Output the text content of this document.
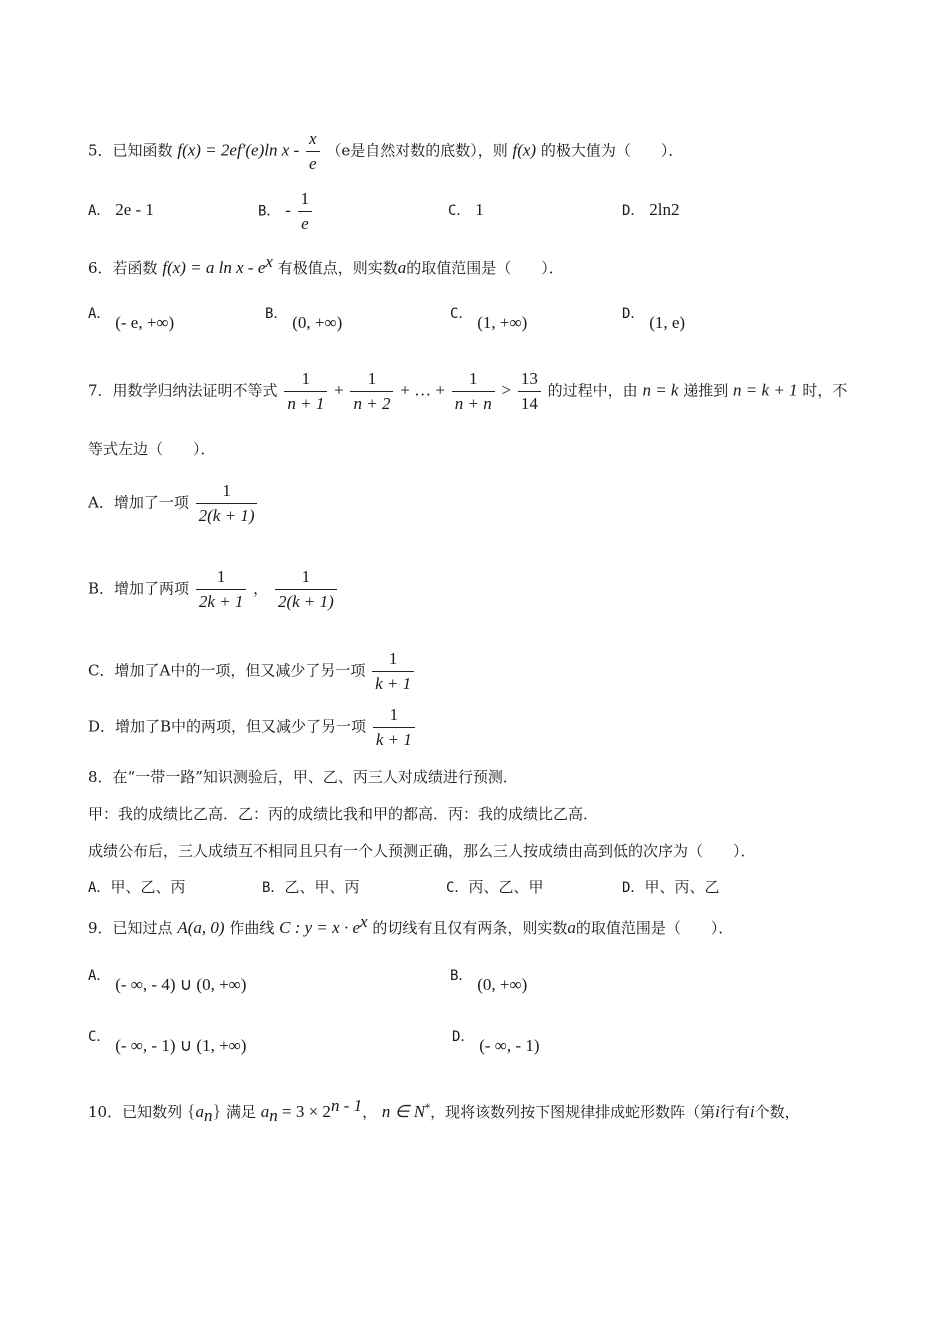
5．已知函数 f(x) = 2ef′(e)ln x - $\frac{x}{e} (e$是自然对数的底数），则 f(x) 的极大值为（　　）．
A． 2e - 1	B． - $\frac{1}{e}$	C． 1	D． 2ln2
6．若函数 f(x) = a ln x - $e^x$ 有极值点，则实数a的取值范围是（　　）．
A． (- e, +∞)	B． (0, +∞)	C． (1, +∞)	D． (1, e)
7．用数学归纳法证明不等式 $\frac{1}{n + 1} + \frac{1}{n + 2}$ + … + $\frac{1}{n + n} > \frac{13}{14}$ 的过程中，由 n = k 递推到 n = k + 1 时，不
等式左边（　　）．
A．增加了一项 $\frac{1}{2(k + 1)}$
B．增加了两项 $\frac{1}{2k + 1}$ ， $\frac{1}{2(k + 1)}$
C．增加了A中的一项，但又减少了另一项 $\frac{1}{k + 1}$
D．增加了B中的两项，但又减少了另一项 $\frac{1}{k + 1}$
8．在“一带一路”知识测验后，甲、乙、丙三人对成绩进行预测．
甲：我的成绩比乙高．乙：丙的成绩比我和甲的都高．丙：我的成绩比乙高．
成绩公布后，三人成绩互不相同且只有一个人预测正确，那么三人按成绩由高到低的次序为（　　）．
A．甲、乙、丙	B．乙、甲、丙	C．丙、乙、甲	D．甲、丙、乙
9．已知过点 A(a, 0) 作曲线 C : $y = x \cdot e^x$ 的切线有且仅有两条，则实数a的取值范围是（　　）．
A． (- ∞, - 4) ∪ (0, +∞)	B． (0, +∞)
C． (- ∞, - 1) ∪ (1, +∞)	D． (- ∞, - 1)
10．已知数列 $\{a_n\}$ 满足 $a_n = 3 \times 2^{n - 1}$， n ∈ N*，现将该数列按下图规律排成蛇形数阵（第i行有i个数，
